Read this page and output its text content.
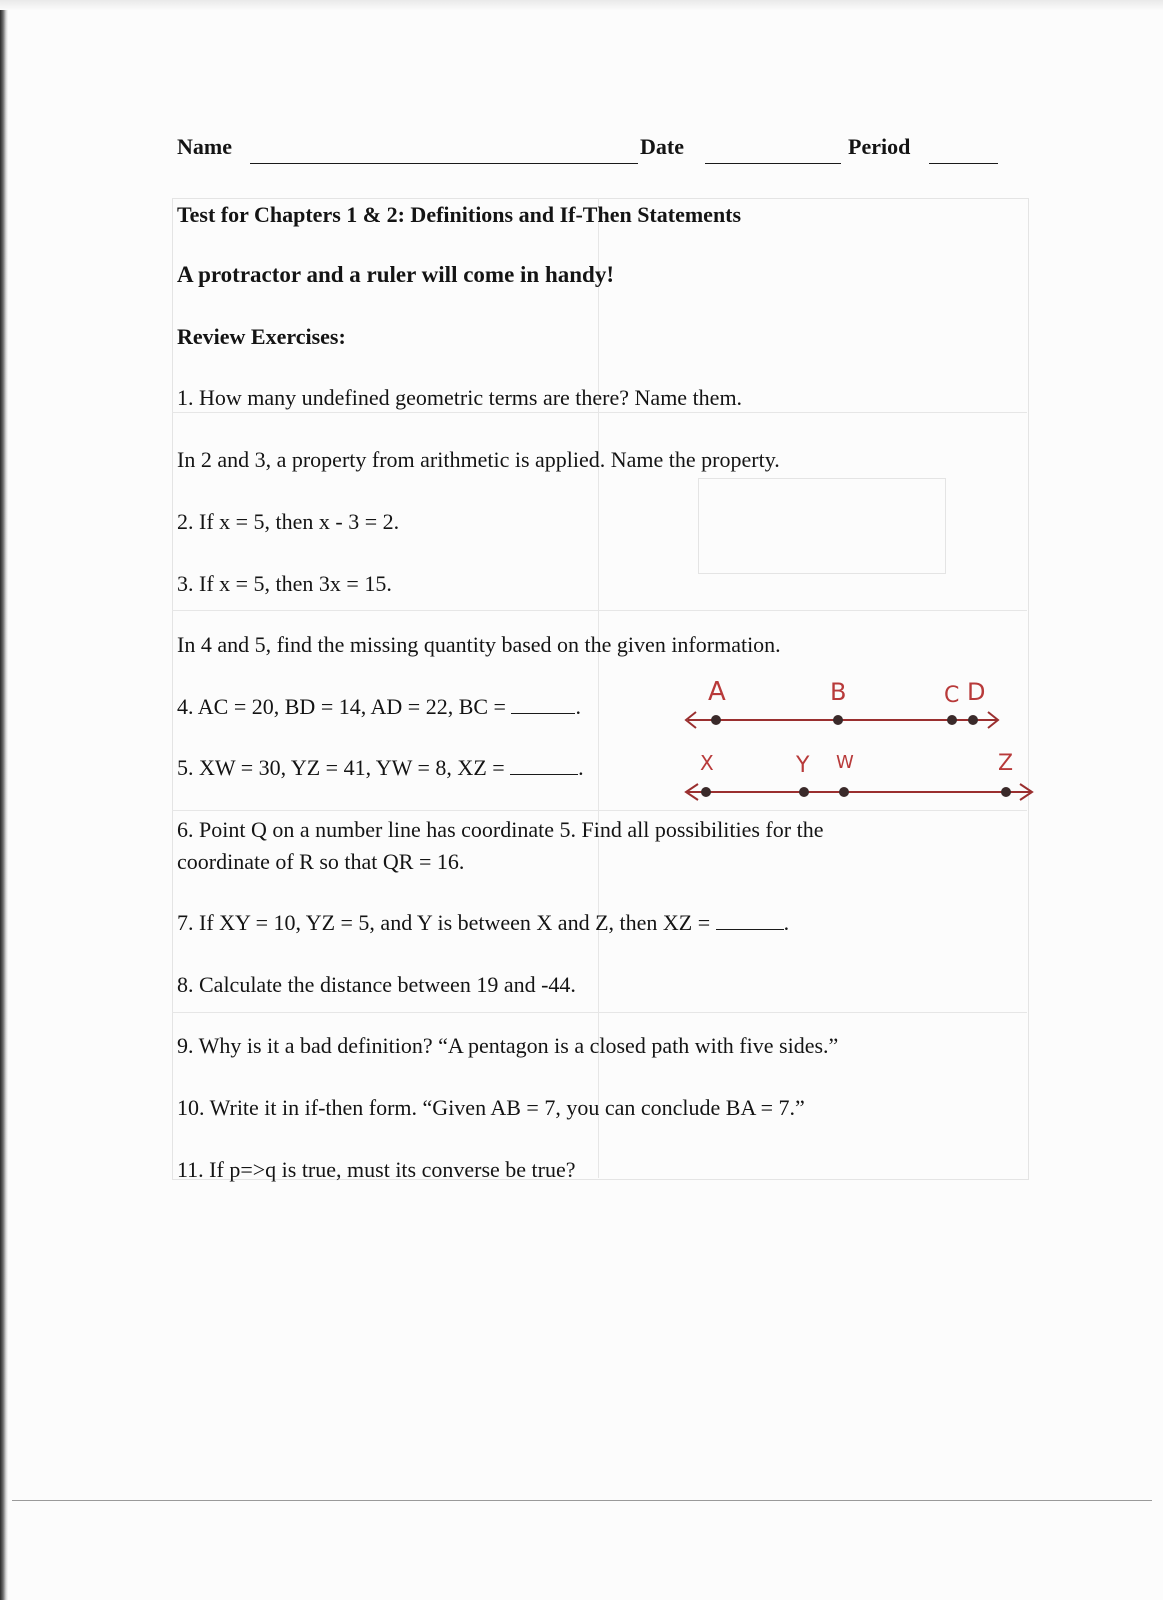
Name	Date	Period
Test for Chapters 1 & 2: Definitions and If-Then Statements
A protractor and a ruler will come in handy!
Review Exercises:
1. How many undefined geometric terms are there? Name them.
In 2 and 3, a property from arithmetic is applied. Name the property.
2. If x = 5, then x - 3 = 2.
3. If x = 5, then 3x = 15.
In 4 and 5, find the missing quantity based on the given information.
4. AC = 20, BD = 14, AD = 22, BC =	.
5. XW = 30, YZ = 41, YW = 8, XZ =	.
6. Point Q on a number line has coordinate 5. Find all possibilities for the
coordinate of R so that QR = 16.
7. If XY = 10, YZ = 5, and Y is between X and Z, then XZ =	.
8. Calculate the distance between 19 and -44.
9. Why is it a bad definition? “A pentagon is a closed path with five sides.”
10. Write it in if-then form. “Given AB = 7, you can conclude BA = 7.”
11. If p=>q is true, must its converse be true?
A	B	C D
X	Y W	Z
